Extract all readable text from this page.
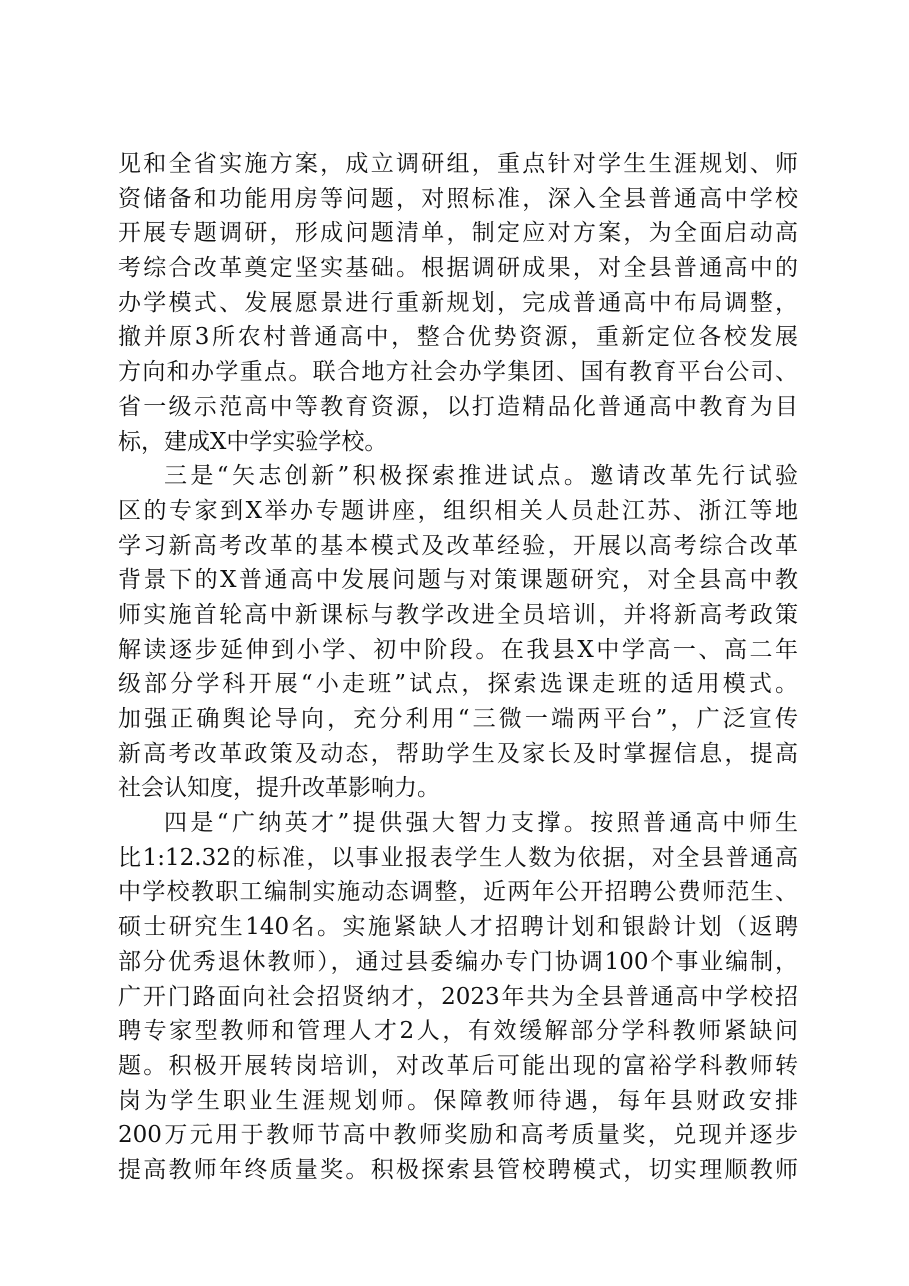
见和全省实施方案，成立调研组，重点针对学生生涯规划、师
资储备和功能用房等问题，对照标准，深入全县普通高中学校
开展专题调研，形成问题清单，制定应对方案，为全面启动高
考综合改革奠定坚实基础。根据调研成果，对全县普通高中的
办学模式、发展愿景进行重新规划，完成普通高中布局调整，
撤并原3所农村普通高中，整合优势资源，重新定位各校发展
方向和办学重点。联合地方社会办学集团、国有教育平台公司、
省一级示范高中等教育资源，以打造精品化普通高中教育为目
标，建成X中学实验学校。
三是“矢志创新”积极探索推进试点。邀请改革先行试验
区的专家到X举办专题讲座，组织相关人员赴江苏、浙江等地
学习新高考改革的基本模式及改革经验，开展以高考综合改革
背景下的X普通高中发展问题与对策课题研究，对全县高中教
师实施首轮高中新课标与教学改进全员培训，并将新高考政策
解读逐步延伸到小学、初中阶段。在我县X中学高一、高二年
级部分学科开展“小走班”试点，探索选课走班的适用模式。
加强正确舆论导向，充分利用“三微一端两平台”，广泛宣传
新高考改革政策及动态，帮助学生及家长及时掌握信息，提高
社会认知度，提升改革影响力。
四是“广纳英才”提供强大智力支撑。按照普通高中师生
比1:12.32的标准，以事业报表学生人数为依据，对全县普通高
中学校教职工编制实施动态调整，近两年公开招聘公费师范生、
硕士研究生140名。实施紧缺人才招聘计划和银龄计划（返聘
部分优秀退休教师），通过县委编办专门协调100个事业编制，
广开门路面向社会招贤纳才，2023年共为全县普通高中学校招
聘专家型教师和管理人才2人，有效缓解部分学科教师紧缺问
题。积极开展转岗培训，对改革后可能出现的富裕学科教师转
岗为学生职业生涯规划师。保障教师待遇，每年县财政安排
200万元用于教师节高中教师奖励和高考质量奖，兑现并逐步
提高教师年终质量奖。积极探索县管校聘模式，切实理顺教师
